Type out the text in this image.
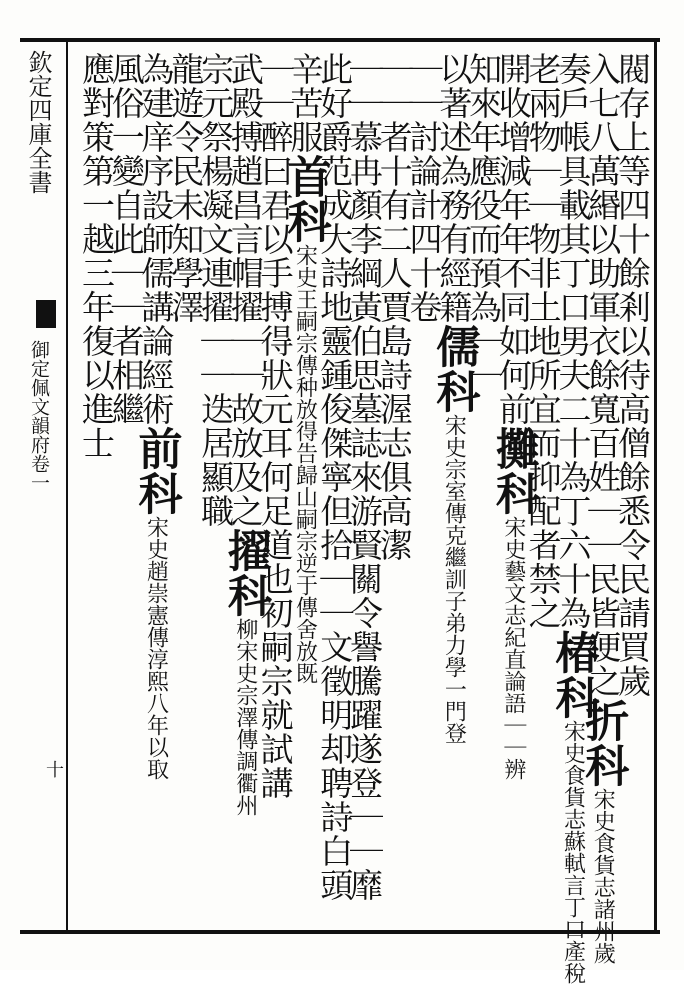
欽定四庫全書
御定佩文韻府卷一
十
閥存上等四十餘剎以待高僧餘悉令民請買歲
入七八萬緡以助軍衣餘寬百姓｜｜民皆便之折科宋史食貨志諸州歲
奏戶帳具載其丁口男夫二十為丁六十為椿科宋史食貨志蘇軾言丁口產稅
老兩物｜｜物非土地所宜而抑配者禁之
開收增減年年不同如何前攤科宋史藝文志紀直論語｜｜辨
知來年應役而預為｜｜
以著述為務有經籍儒科宋史宗室傳克繼訓子弟力學一門登
｜｜討論計四十卷
｜｜者十有二人賈島詩渥志俱高潔
｜｜慕冉顏李綱黃伯思墓誌來游賢關令譽騰躍遂登｜｜靡
此好爵范成大詩地靈鍾俊傑寧但拾｜｜文徵明却聘詩白頭
辛苦服首科宋史王嗣宗傳种放得告歸山嗣宗逆于傳舍放既
｜｜醉曰君以手搏得狀元耳何足道也初嗣宗就試講
武殿搏趙昌言帽擢｜｜故放及之擢科柳宋史宗澤傳調衢州
宗元祭楊凝文連擢｜｜迭居顯職
龍遊令民未知學澤
為建庠序設師儒講論經術前科宋史趙崇憲傳淳熙八年以取
風俗一變自此｜｜者相繼
應對策第一越三年復以進士
